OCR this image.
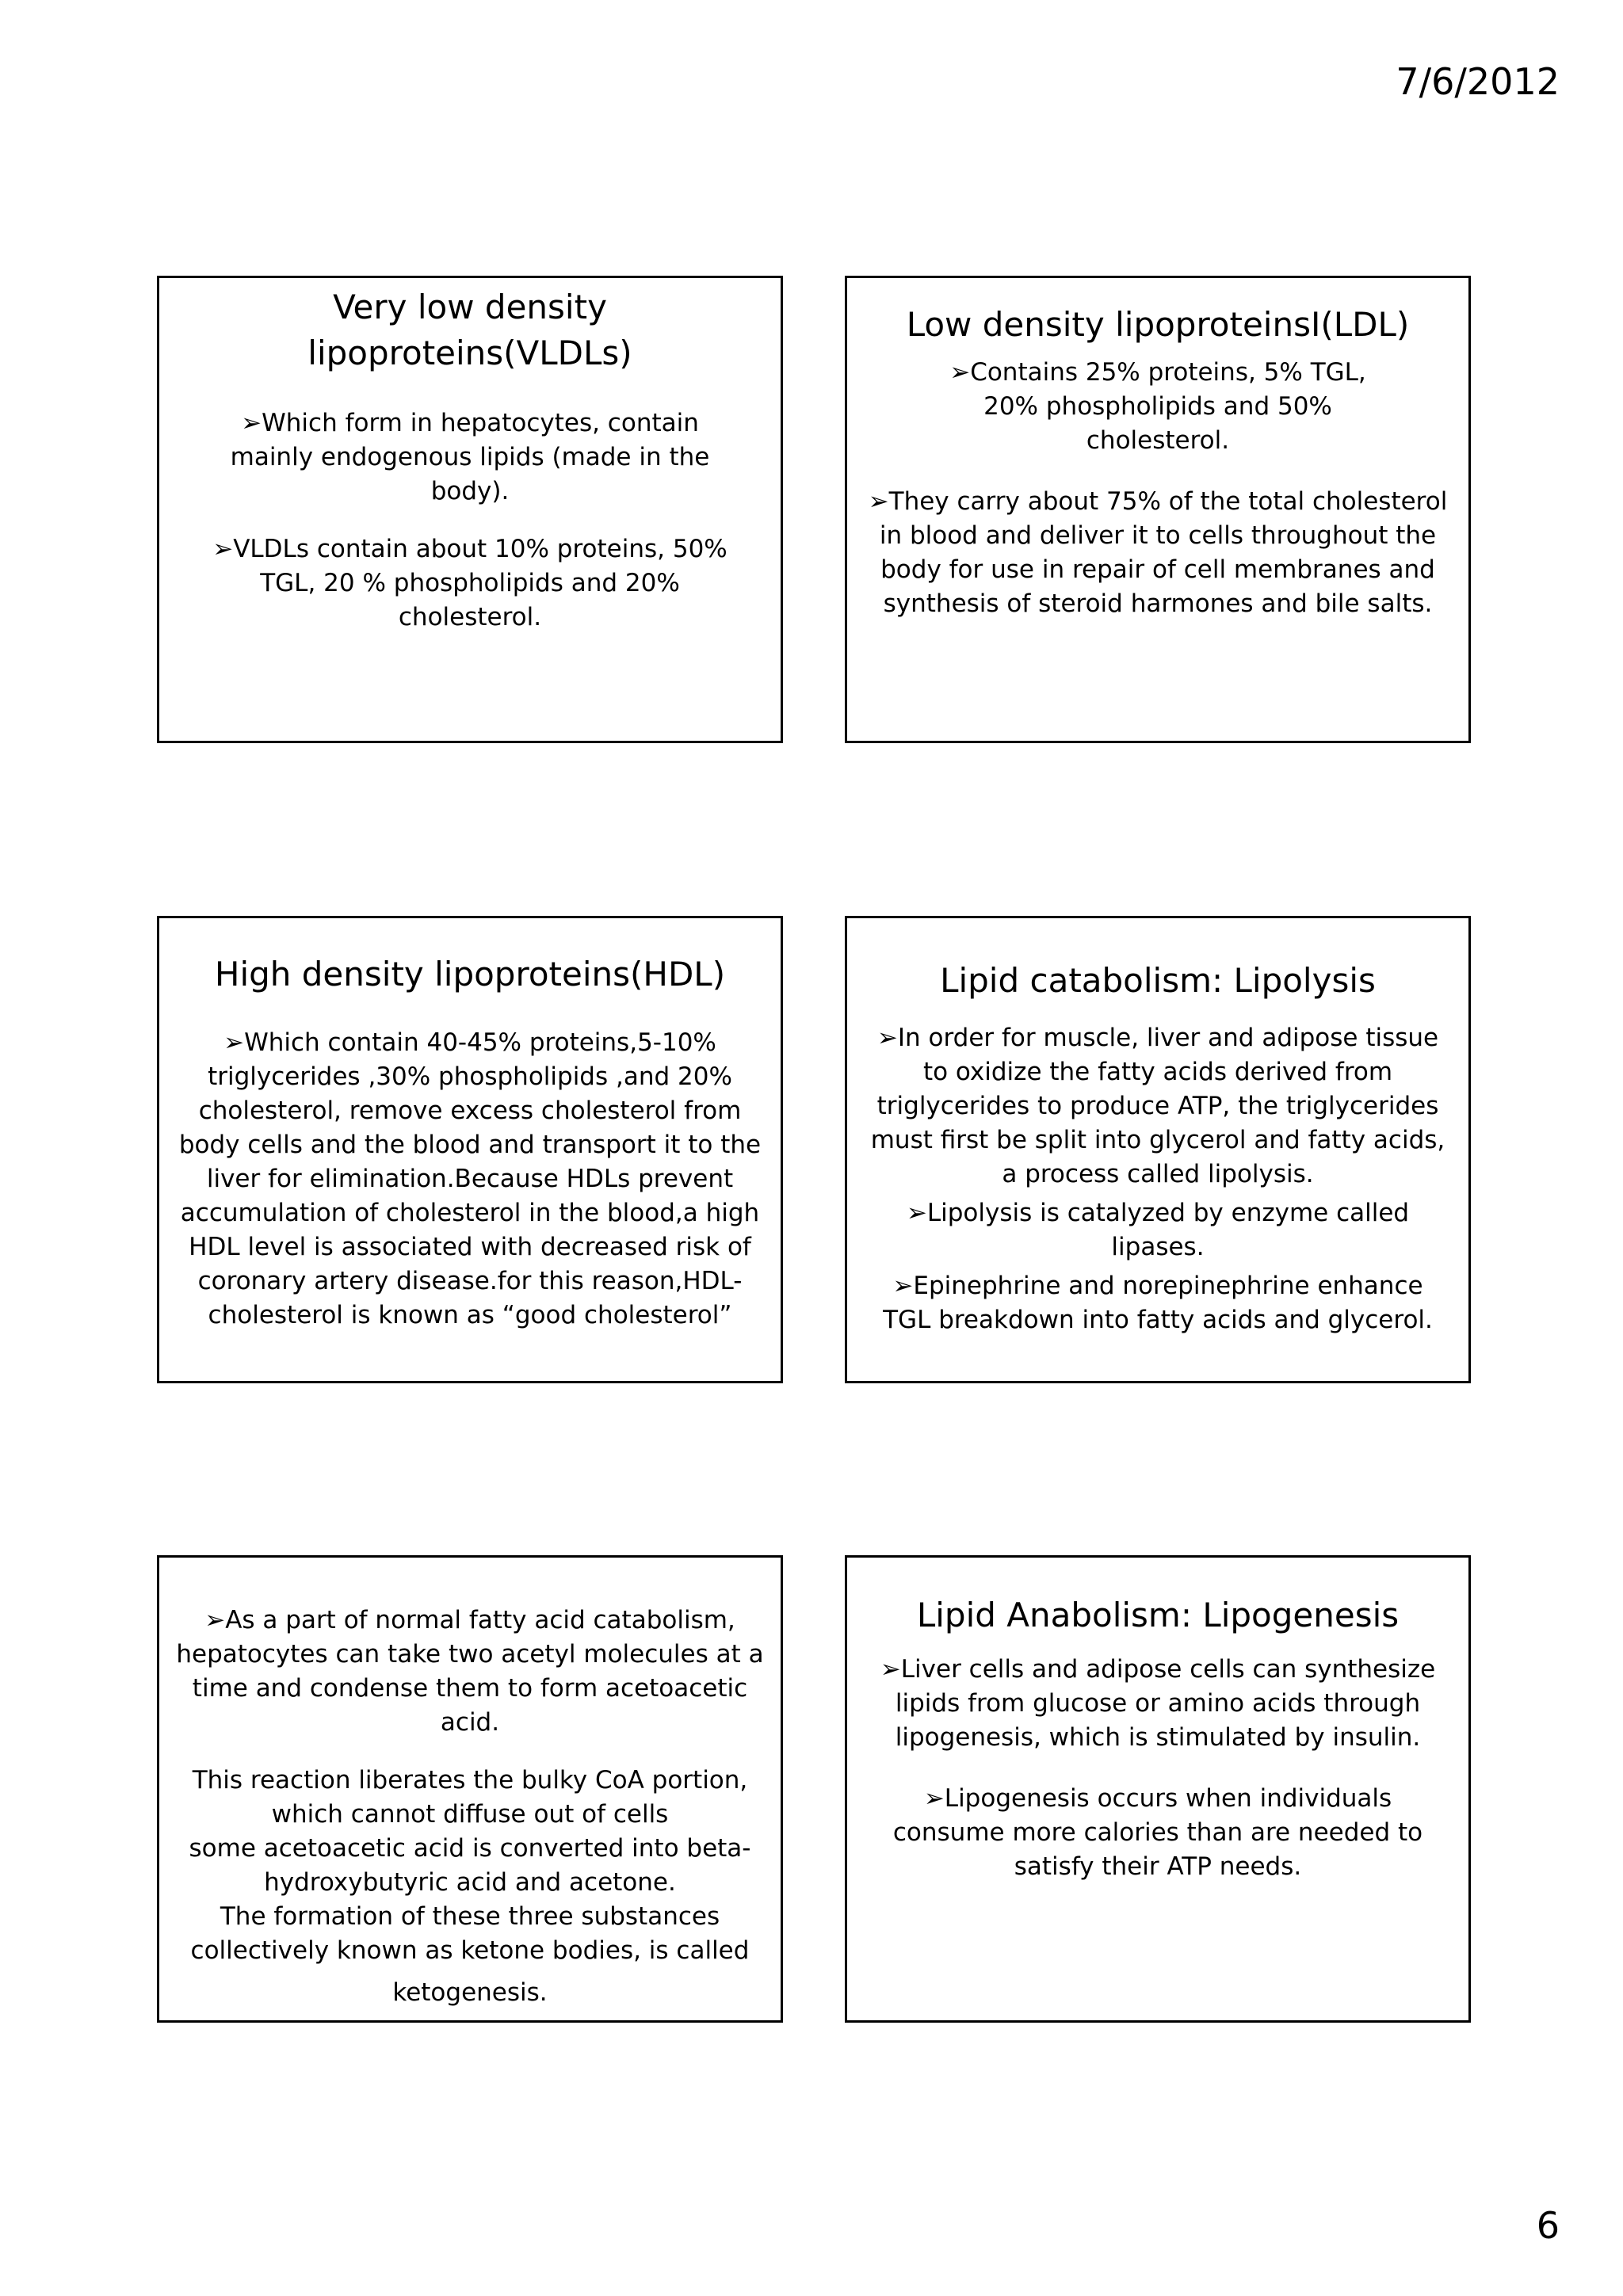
7/6/2012
Very low density lipoproteins(VLDLs)
➢ Which form in hepatocytes, contain mainly endogenous lipids (made in the body).
➢ VLDLs contain about 10% proteins, 50% TGL, 20 % phospholipids and 20% cholesterol.
Low density lipoproteinsI(LDL)
➢ Contains 25% proteins, 5% TGL, 20% phospholipids and 50% cholesterol.
➢ They carry about 75% of the total cholesterol in blood and deliver it to cells throughout the body for use in repair of cell membranes and synthesis of steroid harmones and bile salts.
High density lipoproteins(HDL)
➢ Which contain 40-45% proteins,5-10% triglycerides ,30% phospholipids ,and 20% cholesterol, remove excess cholesterol from body cells and the blood and transport it to the liver for elimination.Because HDLs prevent accumulation of cholesterol in the blood,a high HDL level is associated with decreased risk of coronary artery disease.for this reason,HDL-cholesterol is known as “good cholesterol”
Lipid catabolism: Lipolysis
➢ In order for muscle, liver and adipose tissue to oxidize the fatty acids derived from triglycerides to produce ATP, the triglycerides must first be split into glycerol and fatty acids, a process called lipolysis.
➢ Lipolysis is catalyzed by enzyme called lipases.
➢ Epinephrine and norepinephrine enhance TGL breakdown into fatty acids and glycerol.
➢ As a part of normal fatty acid catabolism, hepatocytes can take two acetyl molecules at a time and condense them to form acetoacetic acid.
This reaction liberates the bulky CoA portion,
which cannot diffuse out of cells
some acetoacetic acid is converted into beta-
hydroxybutyric acid and acetone.
The formation of these three substances
collectively known as ketone bodies, is called
ketogenesis.
Lipid Anabolism: Lipogenesis
➢ Liver cells and adipose cells can synthesize lipids from glucose or amino acids through lipogenesis, which is stimulated by insulin.
➢ Lipogenesis occurs when individuals consume more calories than are needed to satisfy their ATP needs.
6
